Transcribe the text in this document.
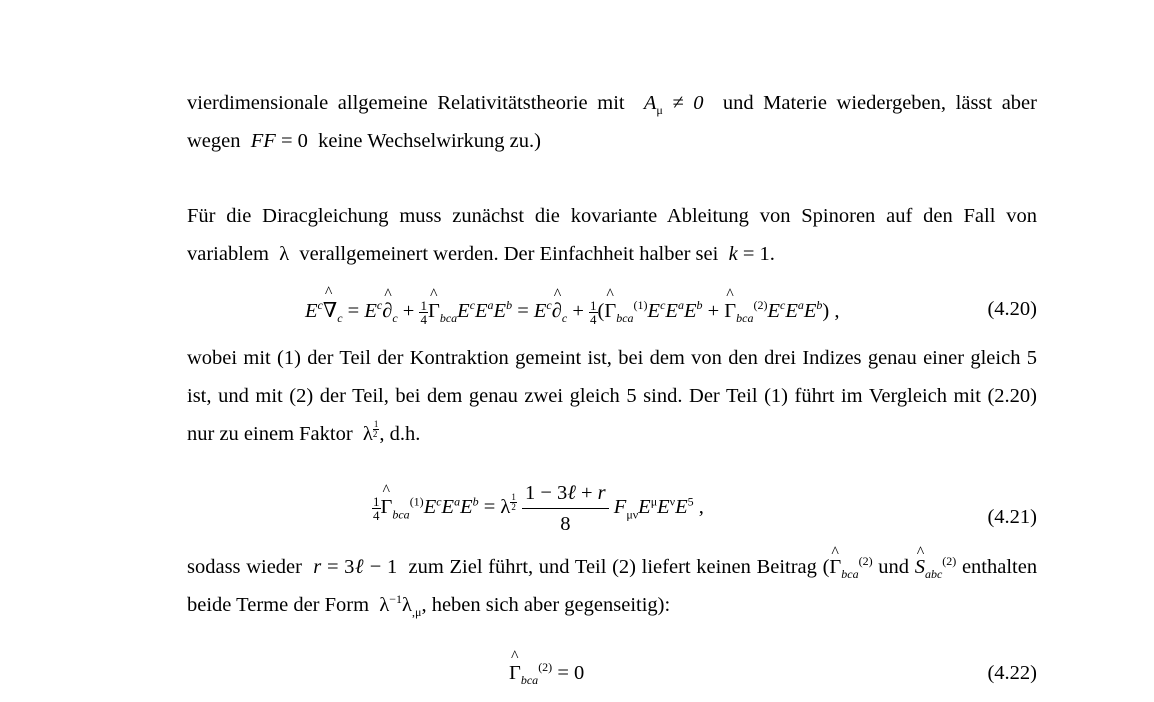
vierdimensionale allgemeine Relativitätstheorie mit  $A_\mu \ne 0$  und Materie wiedergeben, lässt aber wegen  FF = 0 keine Wechselwirkung zu.)

Für die Diracgleichung muss zunächst die kovariante Ableitung von Spinoren auf den Fall von variablem  λ  verallgemeinert werden. Der Einfachheit halber sei  k = 1.

$E^c\^{}$ $\nabla_c$ = $E^c\^{}$ $\partial_c + \frac{1}{4}$ ^ $\Gamma_{bca}E^cE^aE^b$ = $E^c\^{}$ $\partial_c + \frac{1}{4}$ (^ $\Gamma_{bca}^{(1)}E^cE^aE^b$ + ^ $\Gamma_{bca}^{(2)}E^cE^aE^b$) ,	(4.20)

wobei mit (1) der Teil der Kontraktion gemeint ist, bei dem von den drei Indizes genau einer gleich 5 ist, und mit (2) der Teil, bei dem genau zwei gleich 5 sind. Der Teil (1) führt im Vergleich mit (2.20) nur zu einem Faktor  λ $^{\frac{1}{2}}$ , d.h.

$\frac{1}{4}$ ^ $\Gamma_{bca}^{(1)}E^cE^aE^b = \lambda$ $^{\frac{1}{2}}$
1 − 3ℓ + r
8
$F_{\mu\nu}E^\mu E^\nu E^5$ ,	(4.21)

sodass wieder  r = 3ℓ − 1 zum Ziel führt, und Teil (2) liefert keinen Beitrag (^ $\Gamma_{bca}^{(2)}$ und ^ $S_{abc}^{(2)}$ enthalten beide Terme der Form  $\lambda^{-1}\lambda_{,\mu}$, heben sich aber gegenseitig):

^ $\Gamma_{bca}^{(2)} = 0$	(4.22)
